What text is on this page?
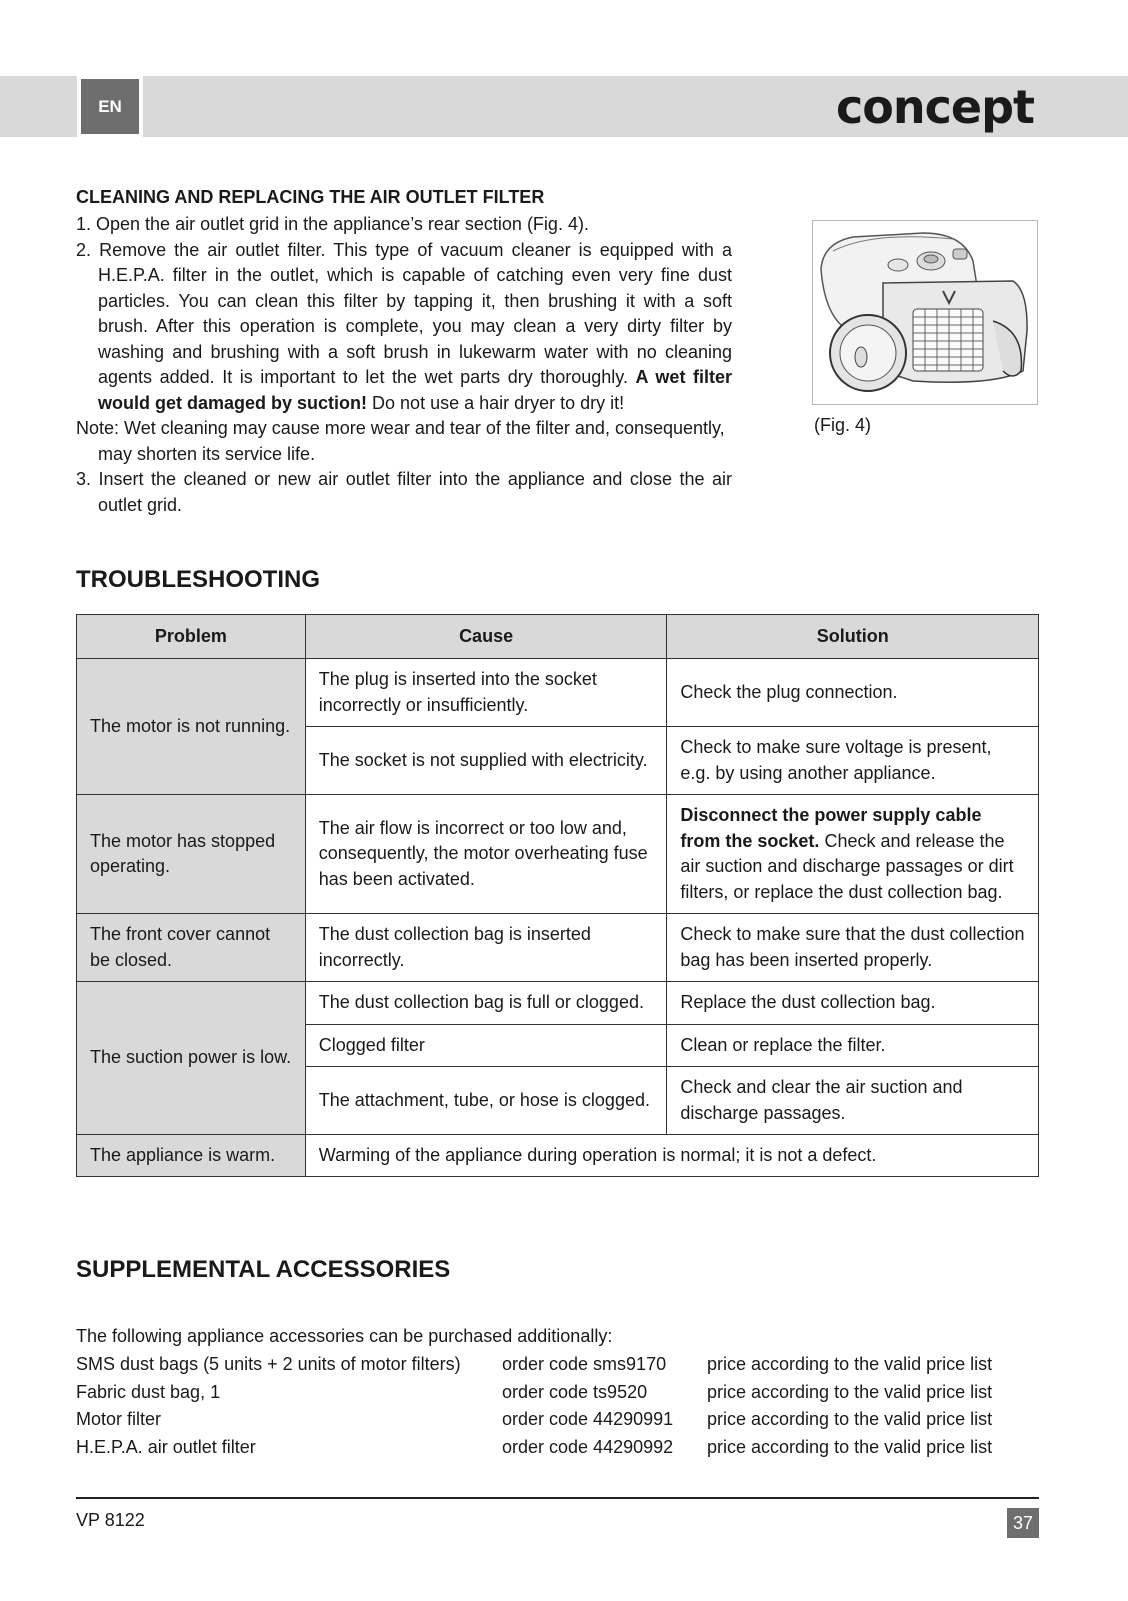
EN	concept
CLEANING AND REPLACING THE AIR OUTLET FILTER

1. Open the air outlet grid in the appliance’s rear section (Fig. 4).

2. Remove the air outlet filter. This type of vacuum cleaner is equipped with a H.E.P.A. filter in the outlet, which is capable of catching even very fine dust particles. You can clean this filter by tapping it, then brushing it with a soft brush. After this operation is complete, you may clean a very dirty filter by washing and brushing with a soft brush in lukewarm water with no cleaning agents added. It is important to let the wet parts dry thoroughly. A wet filter would get damaged by suction! Do not use a hair dryer to dry it!

Note: Wet cleaning may cause more wear and tear of the filter and, consequently, may shorten its service life.

3. Insert the cleaned or new air outlet filter into the appliance and close the air outlet grid.

(Fig. 4)
TROUBLESHOOTING
Problem	Cause	Solution
The motor is not running.	The plug is inserted into the socket incorrectly or insufficiently.	Check the plug connection.
	The socket is not supplied with electricity.	Check to make sure voltage is present, e.g. by using another appliance.
The motor has stopped operating.	The air flow is incorrect or too low and, consequently, the motor overheating fuse has been activated.	Disconnect the power supply cable from the socket. Check and release the air suction and discharge passages or dirt filters, or replace the dust collection bag.
The front cover cannot be closed.	The dust collection bag is inserted incorrectly.	Check to make sure that the dust collection bag has been inserted properly.
The suction power is low.	The dust collection bag is full or clogged.	Replace the dust collection bag.
	Clogged filter	Clean or replace the filter.
	The attachment, tube, or hose is clogged.	Check and clear the air suction and discharge passages.
The appliance is warm.	Warming of the appliance during operation is normal; it is not a defect.	
SUPPLEMENTAL ACCESSORIES
The following appliance accessories can be purchased additionally:
SMS dust bags (5 units + 2 units of motor filters) order code sms9170 price according to the valid price list
Fabric dust bag, 1	order code ts9520	price according to the valid price list
Motor filter	order code 44290991 price according to the valid price list
H.E.P.A. air outlet filter	order code 44290992 price according to the valid price list
VP 8122	37
